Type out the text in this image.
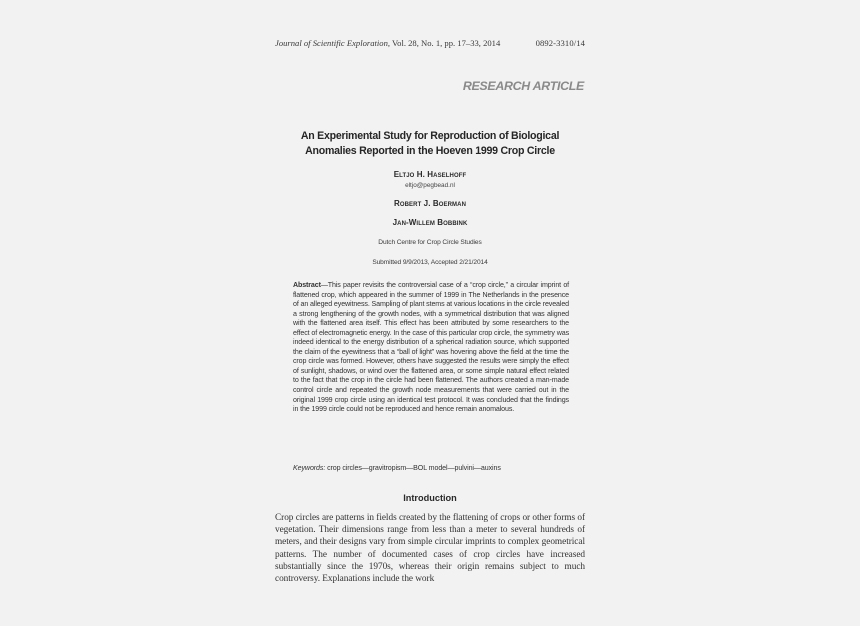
Journal of Scientific Exploration, Vol. 28, No. 1, pp. 17–33, 2014	0892-3310/14
RESEARCH ARTICLE
An Experimental Study for Reproduction of Biological
Anomalies Reported in the Hoeven 1999 Crop Circle
Eltjo H. Haselhoff
eltjo@pegbead.nl
Robert J. Boerman
Jan-Willem Bobbink
Dutch Centre for Crop Circle Studies
Submitted 9/9/2013, Accepted 2/21/2014
Abstract—This paper revisits the controversial case of a “crop circle,” a circular imprint of flattened crop, which appeared in the summer of 1999 in The Netherlands in the presence of an alleged eyewitness. Sampling of plant stems at various locations in the circle revealed a strong lengthening of the growth nodes, with a symmetrical distribution that was aligned with the flattened area itself. This effect has been attributed by some researchers to the effect of electromagnetic energy. In the case of this particular crop circle, the symmetry was indeed identical to the energy distribution of a spherical radiation source, which supported the claim of the eyewitness that a “ball of light” was hovering above the field at the time the crop circle was formed. However, others have suggested the results were simply the effect of sunlight, shadows, or wind over the flattened area, or some simple natural effect related to the fact that the crop in the circle had been flattened. The authors created a man-made control circle and repeated the growth node measurements that were carried out in the original 1999 crop circle using an identical test protocol. It was concluded that the findings in the 1999 circle could not be reproduced and hence remain anomalous.
Keywords: crop circles—gravitropism—BOL model—pulvini—auxins
Introduction
Crop circles are patterns in fields created by the flattening of crops or other forms of vegetation. Their dimensions range from less than a meter to several hundreds of meters, and their designs vary from simple circular imprints to complex geometrical patterns. The number of documented cases of crop circles have increased substantially since the 1970s, whereas their origin remains subject to much controversy. Explanations include the work
